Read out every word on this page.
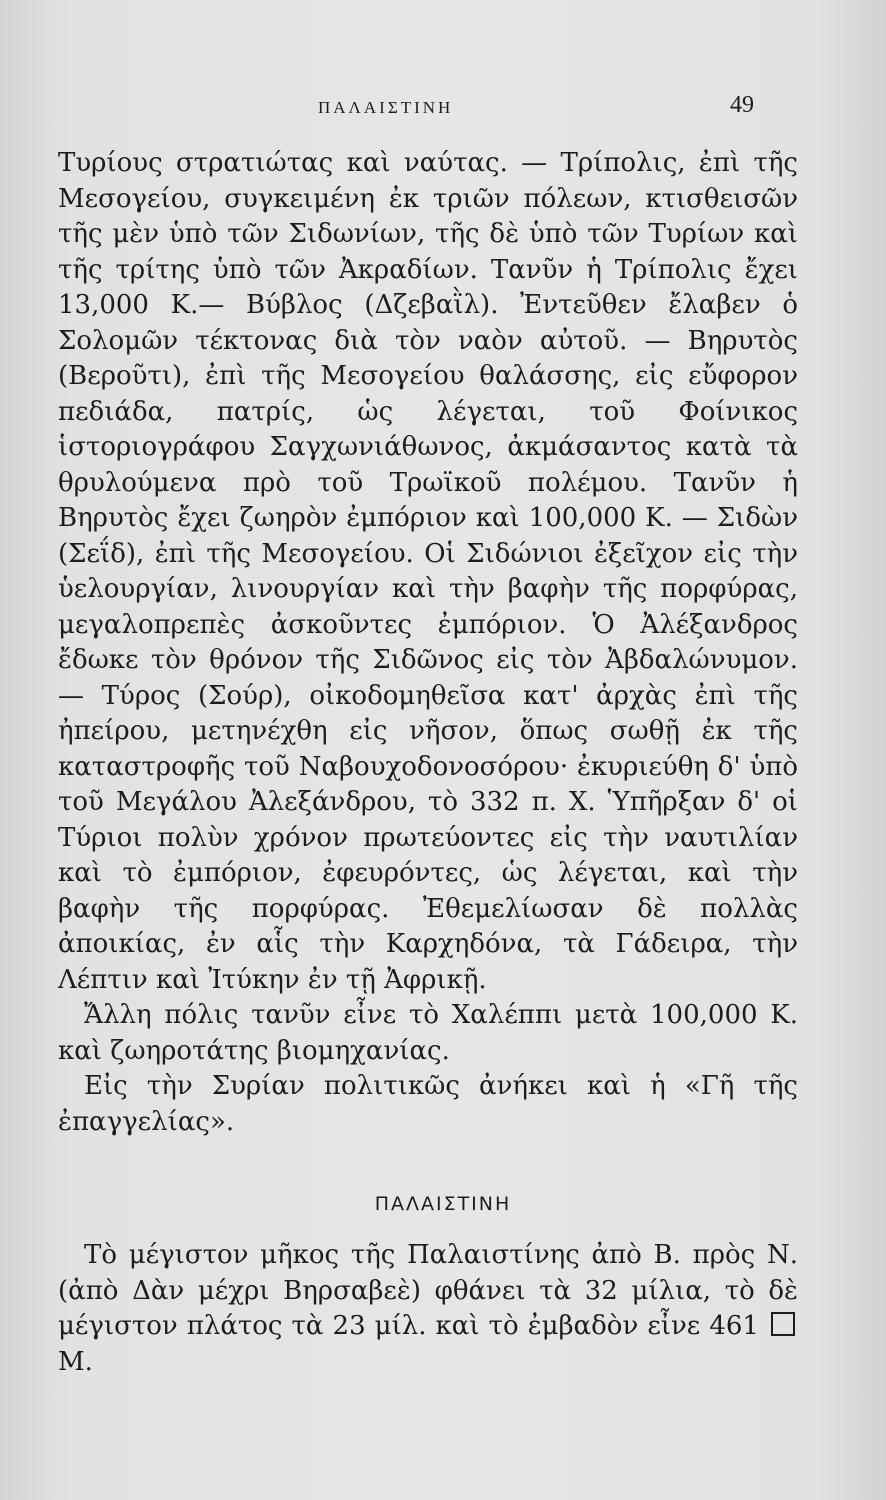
ΠΑΛΑΙΣΤΙΝΗ	49

Τυρίους στρατιώτας καὶ ναύτας. — Τρίπολις, ἐπὶ τῆς Μεσογείου, συγκειμένη ἐκ τριῶν πόλεων, κτισθεισῶν τῆς μὲν ὑπὸ τῶν Σιδωνίων, τῆς δὲ ὑπὸ τῶν Τυρίων καὶ τῆς τρίτης ὑπὸ τῶν Ἀκραδίων. Τανῦν ἡ Τρίπολις ἔχει 13,000 Κ.— Βύβλος (Δζεβαῒλ). Ἐντεῦθεν ἔλαβεν ὁ Σολομῶν τέκτονας διὰ τὸν ναὸν αὐτοῦ. — Βηρυτὸς (Βεροῦτι), ἐπὶ τῆς Μεσογείου θαλάσσης, εἰς εὔφορον πεδιάδα, πατρίς, ὡς λέγεται, τοῦ Φοίνικος ἱστοριογράφου Σαγχωνιάθωνος, ἀκμάσαντος κατὰ τὰ θρυλούμενα πρὸ τοῦ Τρωϊκοῦ πολέμου. Τανῦν ἡ Βηρυτὸς ἔχει ζωηρὸν ἐμπόριον καὶ 100,000 Κ. — Σιδὼν (Σεΐδ), ἐπὶ τῆς Μεσογείου. Οἱ Σιδώνιοι ἐξεῖχον εἰς τὴν ὑελουργίαν, λινουργίαν καὶ τὴν βαφὴν τῆς πορφύρας, μεγαλοπρεπὲς ἀσκοῦντες ἐμπόριον. Ὁ Ἀλέξανδρος ἔδωκε τὸν θρόνον τῆς Σιδῶνος εἰς τὸν Ἀβδαλώνυμον. — Τύρος (Σούρ), οἰκοδομηθεῖσα κατ' ἀρχὰς ἐπὶ τῆς ἠπείρου, μετηνέχθη εἰς νῆσον, ὅπως σωθῇ ἐκ τῆς καταστροφῆς τοῦ Ναβουχοδονοσόρου· ἐκυριεύθη δ' ὑπὸ τοῦ Μεγάλου Ἀλεξάνδρου, τὸ 332 π. Χ. Ὑπῆρξαν δ' οἱ Τύριοι πολὺν χρόνον πρωτεύοντες εἰς τὴν ναυτιλίαν καὶ τὸ ἐμπόριον, ἐφευρόντες, ὡς λέγεται, καὶ τὴν βαφὴν τῆς πορφύρας. Ἐθεμελίωσαν δὲ πολλὰς ἀποικίας, ἐν αἷς τὴν Καρχηδόνα, τὰ Γάδειρα, τὴν Λέπτιν καὶ Ἰτύκην ἐν τῇ Ἀφρικῇ.

Ἄλλη πόλις τανῦν εἶνε τὸ Χαλέππι μετὰ 100,000 Κ. καὶ ζωηροτάτης βιομηχανίας.

Εἰς τὴν Συρίαν πολιτικῶς ἀνήκει καὶ ἡ «Γῆ τῆς ἐπαγγελίας».

ΠΑΛΑΙΣΤΙΝΗ

Τὸ μέγιστον μῆκος τῆς Παλαιστίνης ἀπὸ Β. πρὸς Ν. (ἀπὸ Δὰν μέχρι Βηρσαβεὲ) φθάνει τὰ 32 μίλια, τὸ δὲ μέγιστον πλάτος τὰ 23 μίλ. καὶ τὸ ἐμβαδὸν εἶνε 461 Μ.
